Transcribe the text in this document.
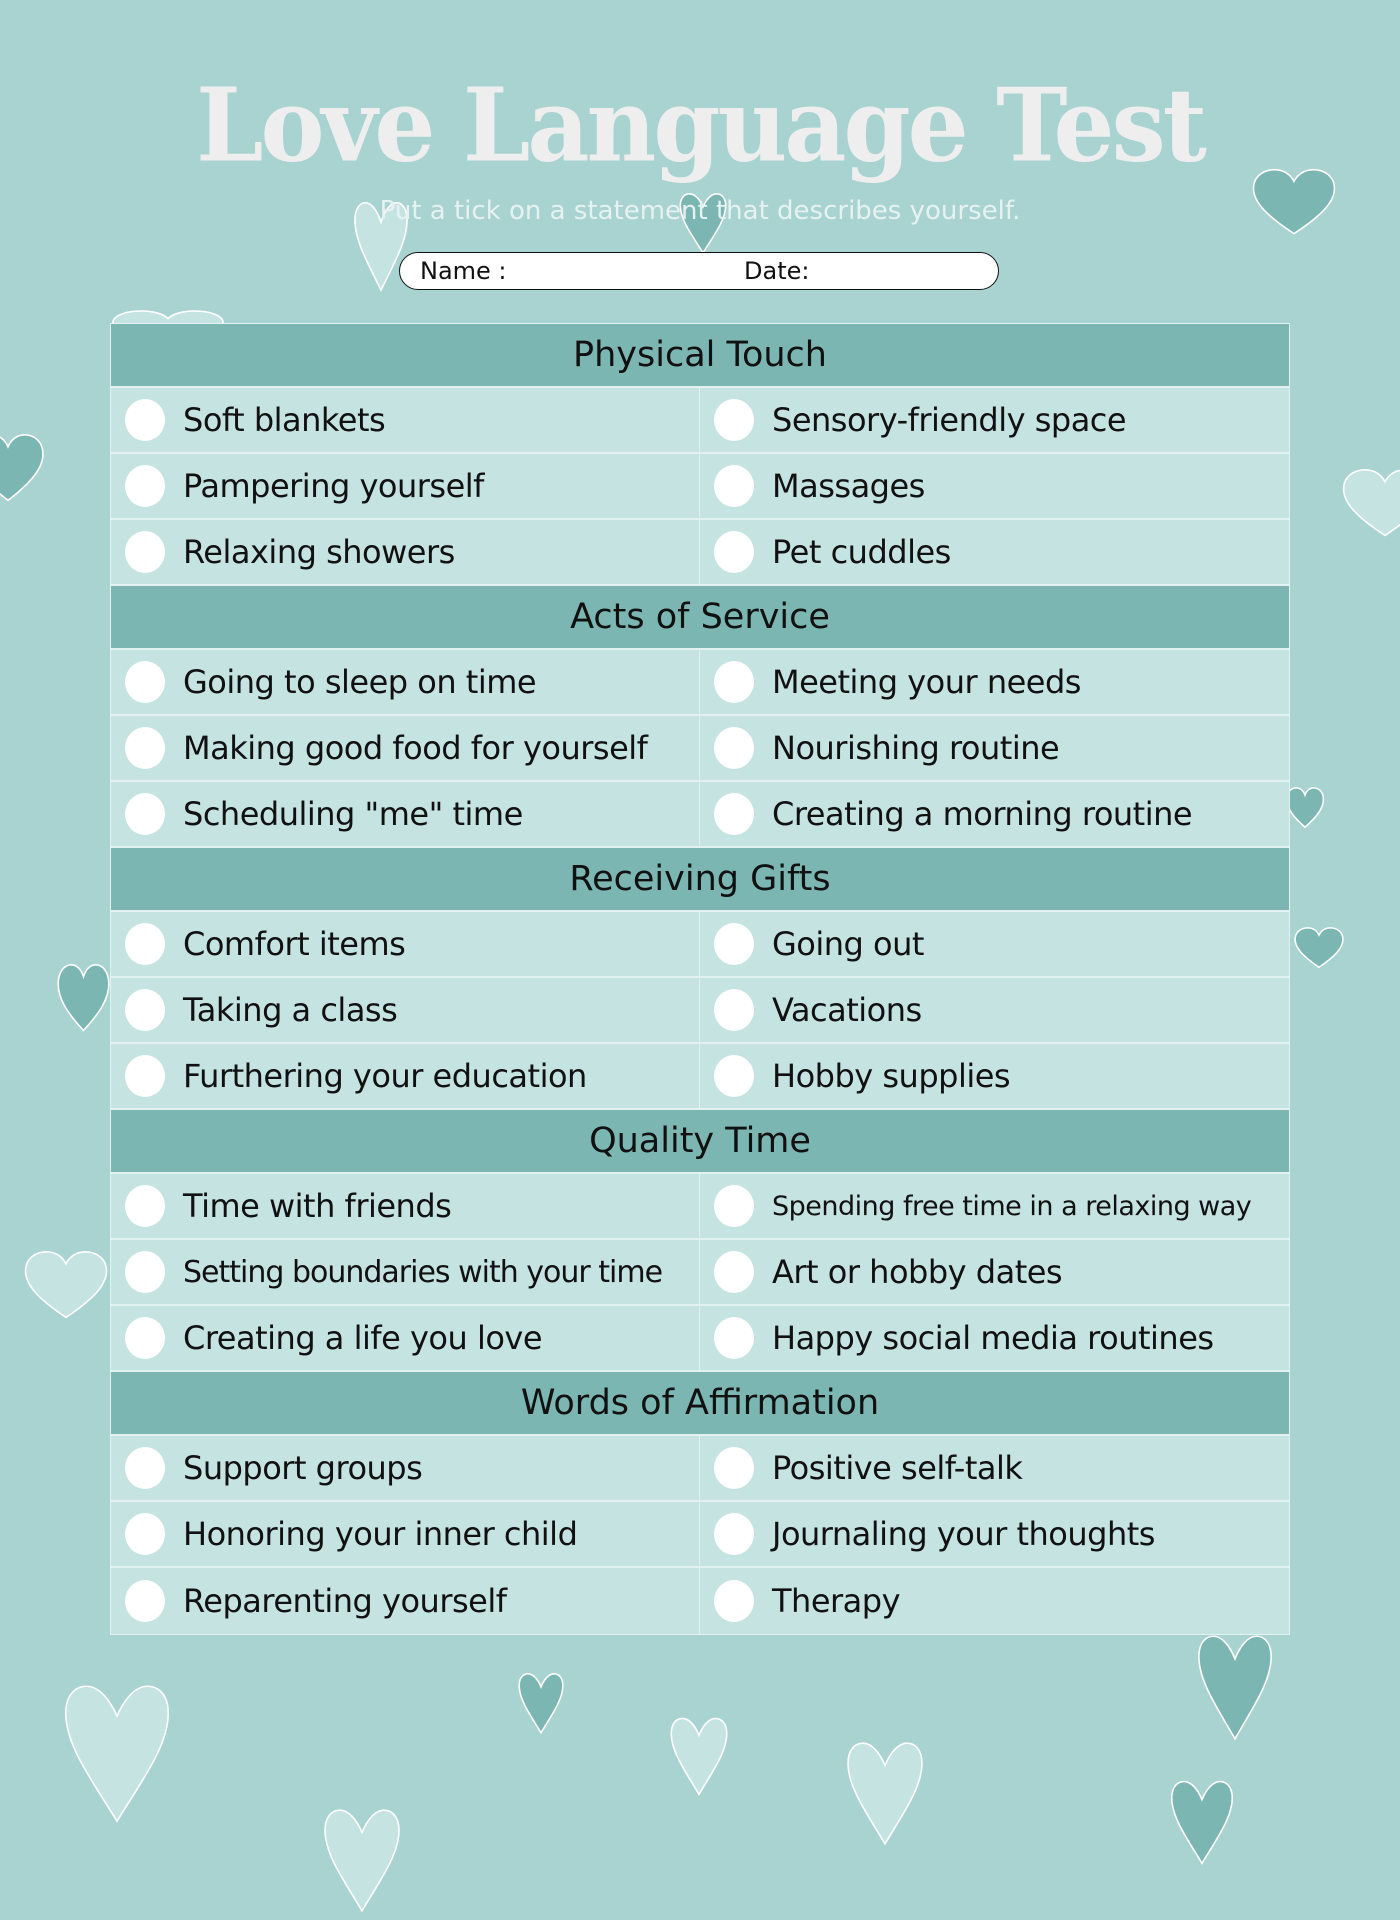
Love Language Test
Put a tick on a statement that describes yourself.
Name :	Date:
Physical Touch
Soft blankets	Sensory-friendly space
Pampering yourself	Massages
Relaxing showers	Pet cuddles
Acts of Service
Going to sleep on time	Meeting your needs
Making good food for yourself	Nourishing routine
Scheduling "me" time	Creating a morning routine
Receiving Gifts
Comfort items	Going out
Taking a class	Vacations
Furthering your education	Hobby supplies
Quality Time
Time with friends	Spending free time in a relaxing way
Setting boundaries with your time	Art or hobby dates
Creating a life you love	Happy social media routines
Words of Affirmation
Support groups	Positive self-talk
Honoring your inner child	Journaling your thoughts
Reparenting yourself	Therapy
